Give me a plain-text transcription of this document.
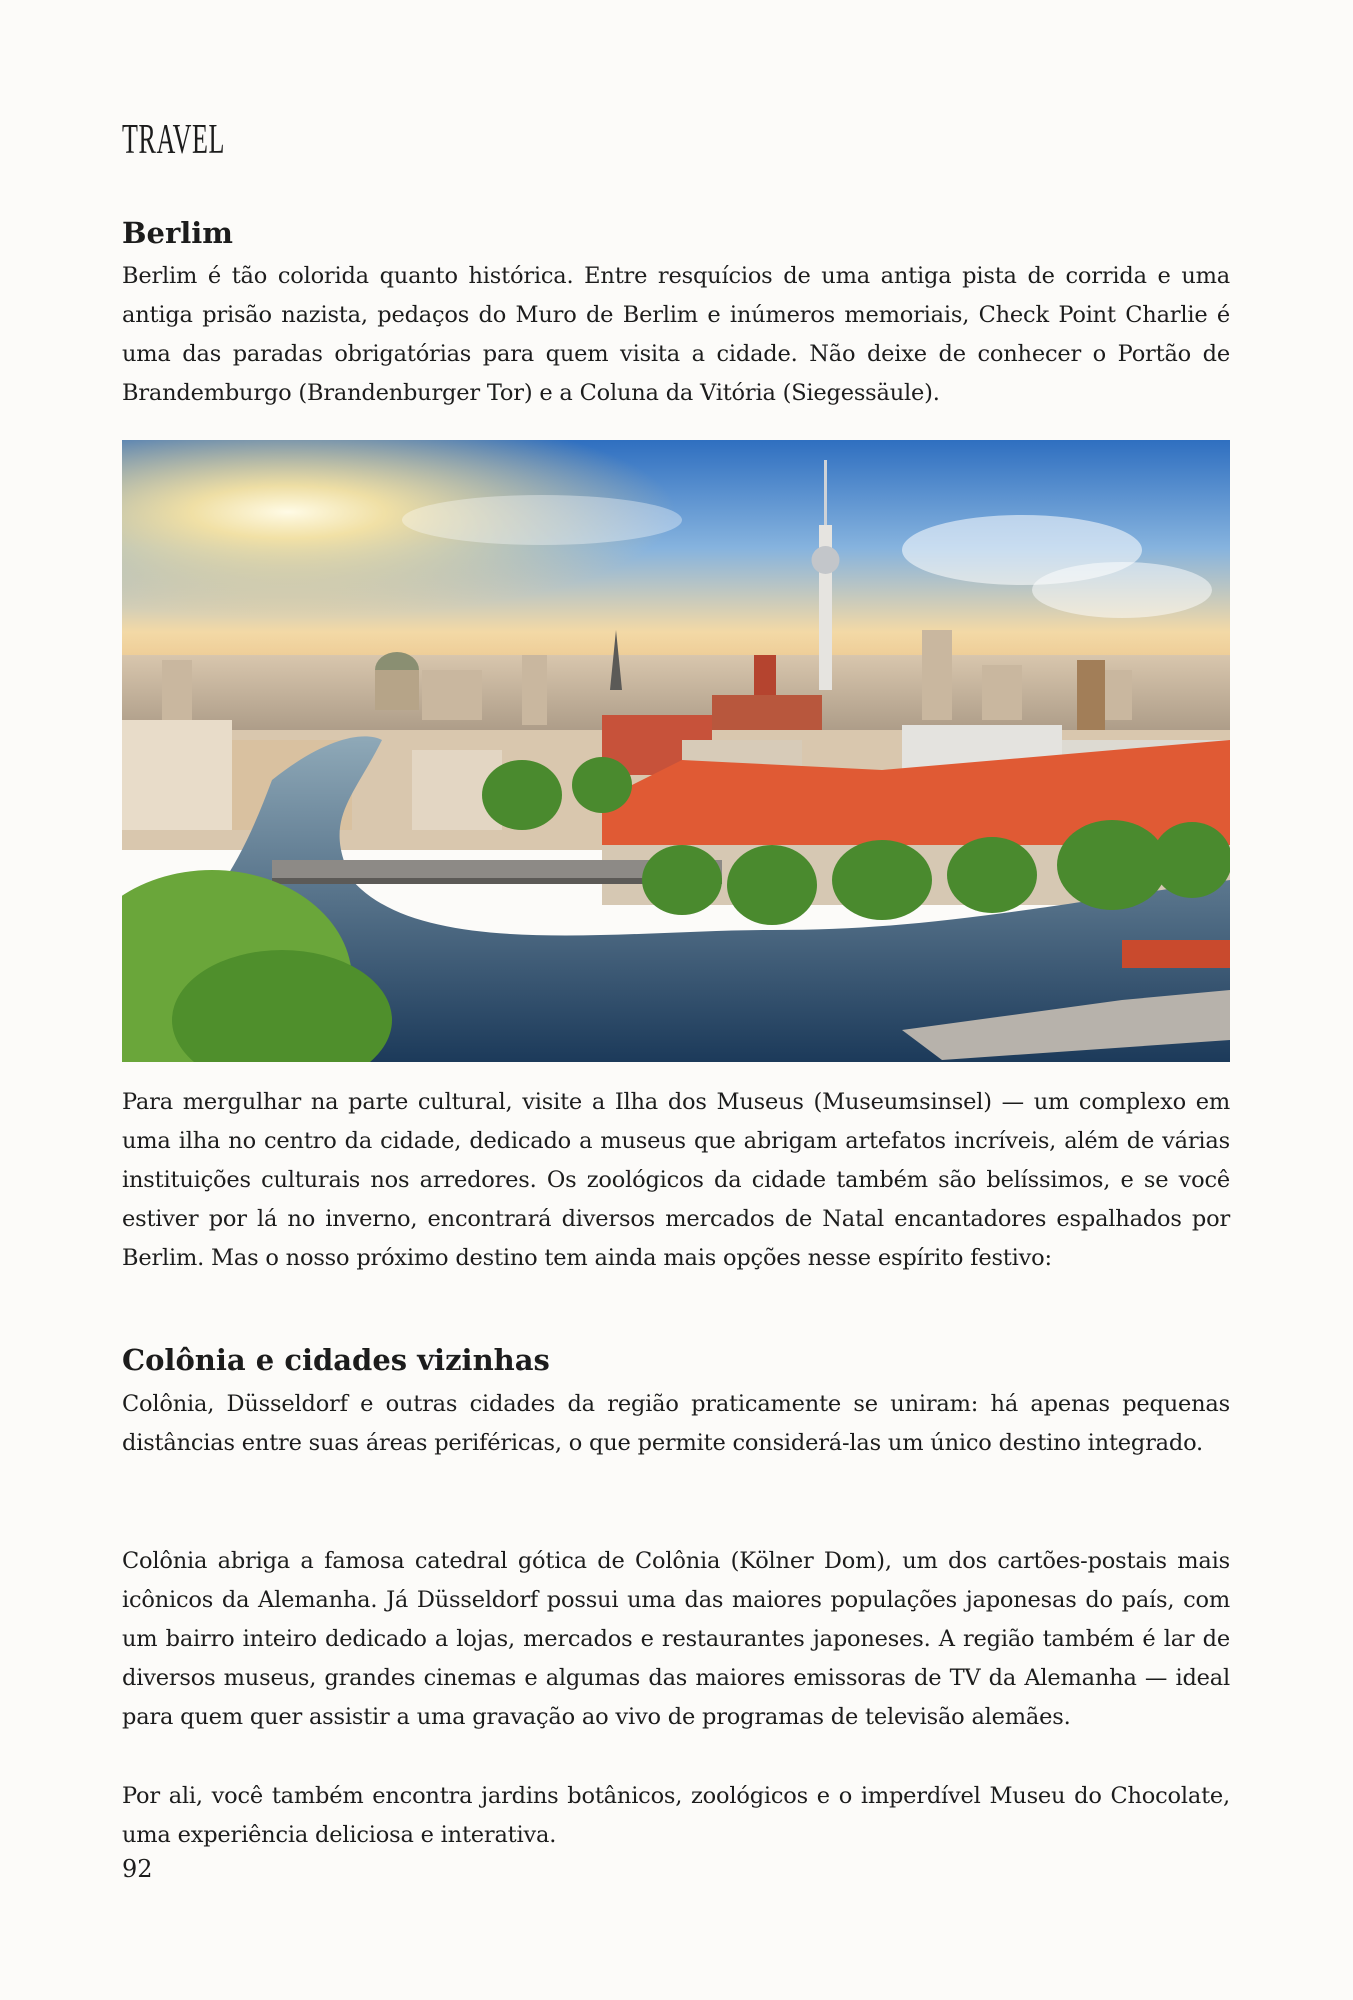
TRAVEL
Berlim

Berlim é tão colorida quanto histórica. Entre resquícios de uma antiga pista de corrida e uma antiga prisão nazista, pedaços do Muro de Berlim e inúmeros memoriais, Check Point Charlie é uma das paradas obrigatórias para quem visita a cidade. Não deixe de conhecer o Portão de Brandemburgo (Brandenburger Tor) e a Coluna da Vitória (Siegessäule).

Para mergulhar na parte cultural, visite a Ilha dos Museus (Museumsinsel) — um complexo em uma ilha no centro da cidade, dedicado a museus que abrigam artefatos incríveis, além de várias instituições culturais nos arredores. Os zoológicos da cidade também são belíssimos, e se você estiver por lá no inverno, encontrará diversos mercados de Natal encantadores espalhados por Berlim. Mas o nosso próximo destino tem ainda mais opções nesse espírito festivo:

Colônia e cidades vizinhas

Colônia, Düsseldorf e outras cidades da região praticamente se uniram: há apenas pequenas distâncias entre suas áreas periféricas, o que permite considerá-las um único destino integrado.

Colônia abriga a famosa catedral gótica de Colônia (Kölner Dom), um dos cartões-postais mais icônicos da Alemanha. Já Düsseldorf possui uma das maiores populações japonesas do país, com um bairro inteiro dedicado a lojas, mercados e restaurantes japoneses. A região também é lar de diversos museus, grandes cinemas e algumas das maiores emissoras de TV da Alemanha — ideal para quem quer assistir a uma gravação ao vivo de programas de televisão alemães.

Por ali, você também encontra jardins botânicos, zoológicos e o imperdível Museu do Chocolate, uma experiência deliciosa e interativa.

92
